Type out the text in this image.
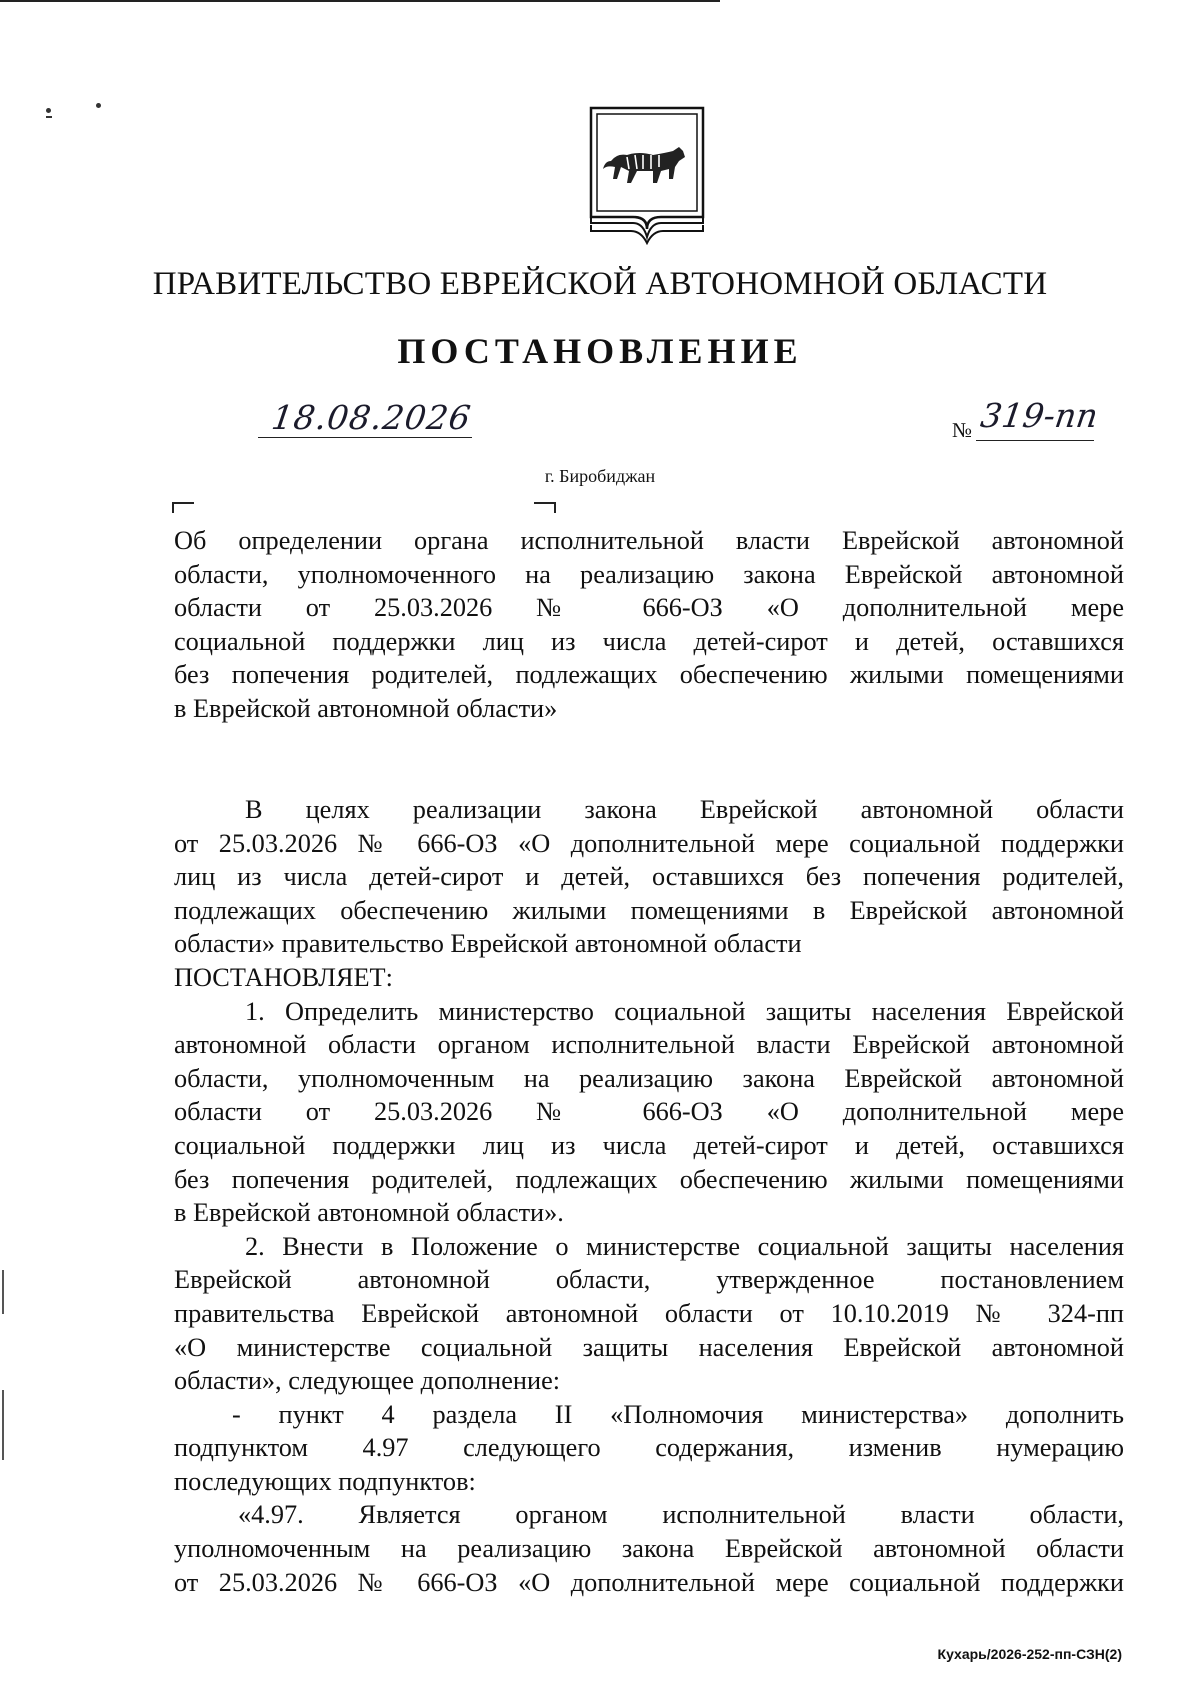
ПРАВИТЕЛЬСТВО ЕВРЕЙСКОЙ АВТОНОМНОЙ ОБЛАСТИ
ПОСТАНОВЛЕНИЕ
18.08.2026	№ 319-пп
г. Биробиджан
Об определении органа исполнительной власти Еврейской автономной
области, уполномоченного на реализацию закона Еврейской автономной
области от 25.03.2026 № 666-ОЗ «О дополнительной мере
социальной поддержки лиц из числа детей-сирот и детей, оставшихся
без попечения родителей, подлежащих обеспечению жилыми помещениями
в Еврейской автономной области»
В целях реализации закона Еврейской автономной области
от 25.03.2026 № 666-ОЗ «О дополнительной мере социальной поддержки
лиц из числа детей-сирот и детей, оставшихся без попечения родителей,
подлежащих обеспечению жилыми помещениями в Еврейской автономной
области» правительство Еврейской автономной области
ПОСТАНОВЛЯЕТ:
1. Определить министерство социальной защиты населения Еврейской
автономной области органом исполнительной власти Еврейской автономной
области, уполномоченным на реализацию закона Еврейской автономной
области от 25.03.2026 № 666-ОЗ «О дополнительной мере
социальной поддержки лиц из числа детей-сирот и детей, оставшихся
без попечения родителей, подлежащих обеспечению жилыми помещениями
в Еврейской автономной области».
2. Внести в Положение о министерстве социальной защиты населения
Еврейской автономной области, утвержденное постановлением
правительства Еврейской автономной области от 10.10.2019 № 324-пп
«О министерстве социальной защиты населения Еврейской автономной
области», следующее дополнение:
- пункт 4 раздела II «Полномочия министерства» дополнить
подпунктом 4.97 следующего содержания, изменив нумерацию
последующих подпунктов:
«4.97. Является органом исполнительной власти области,
уполномоченным на реализацию закона Еврейской автономной области
от 25.03.2026 № 666-ОЗ «О дополнительной мере социальной поддержки
Кухарь/2026-252-пп-СЗН(2)
